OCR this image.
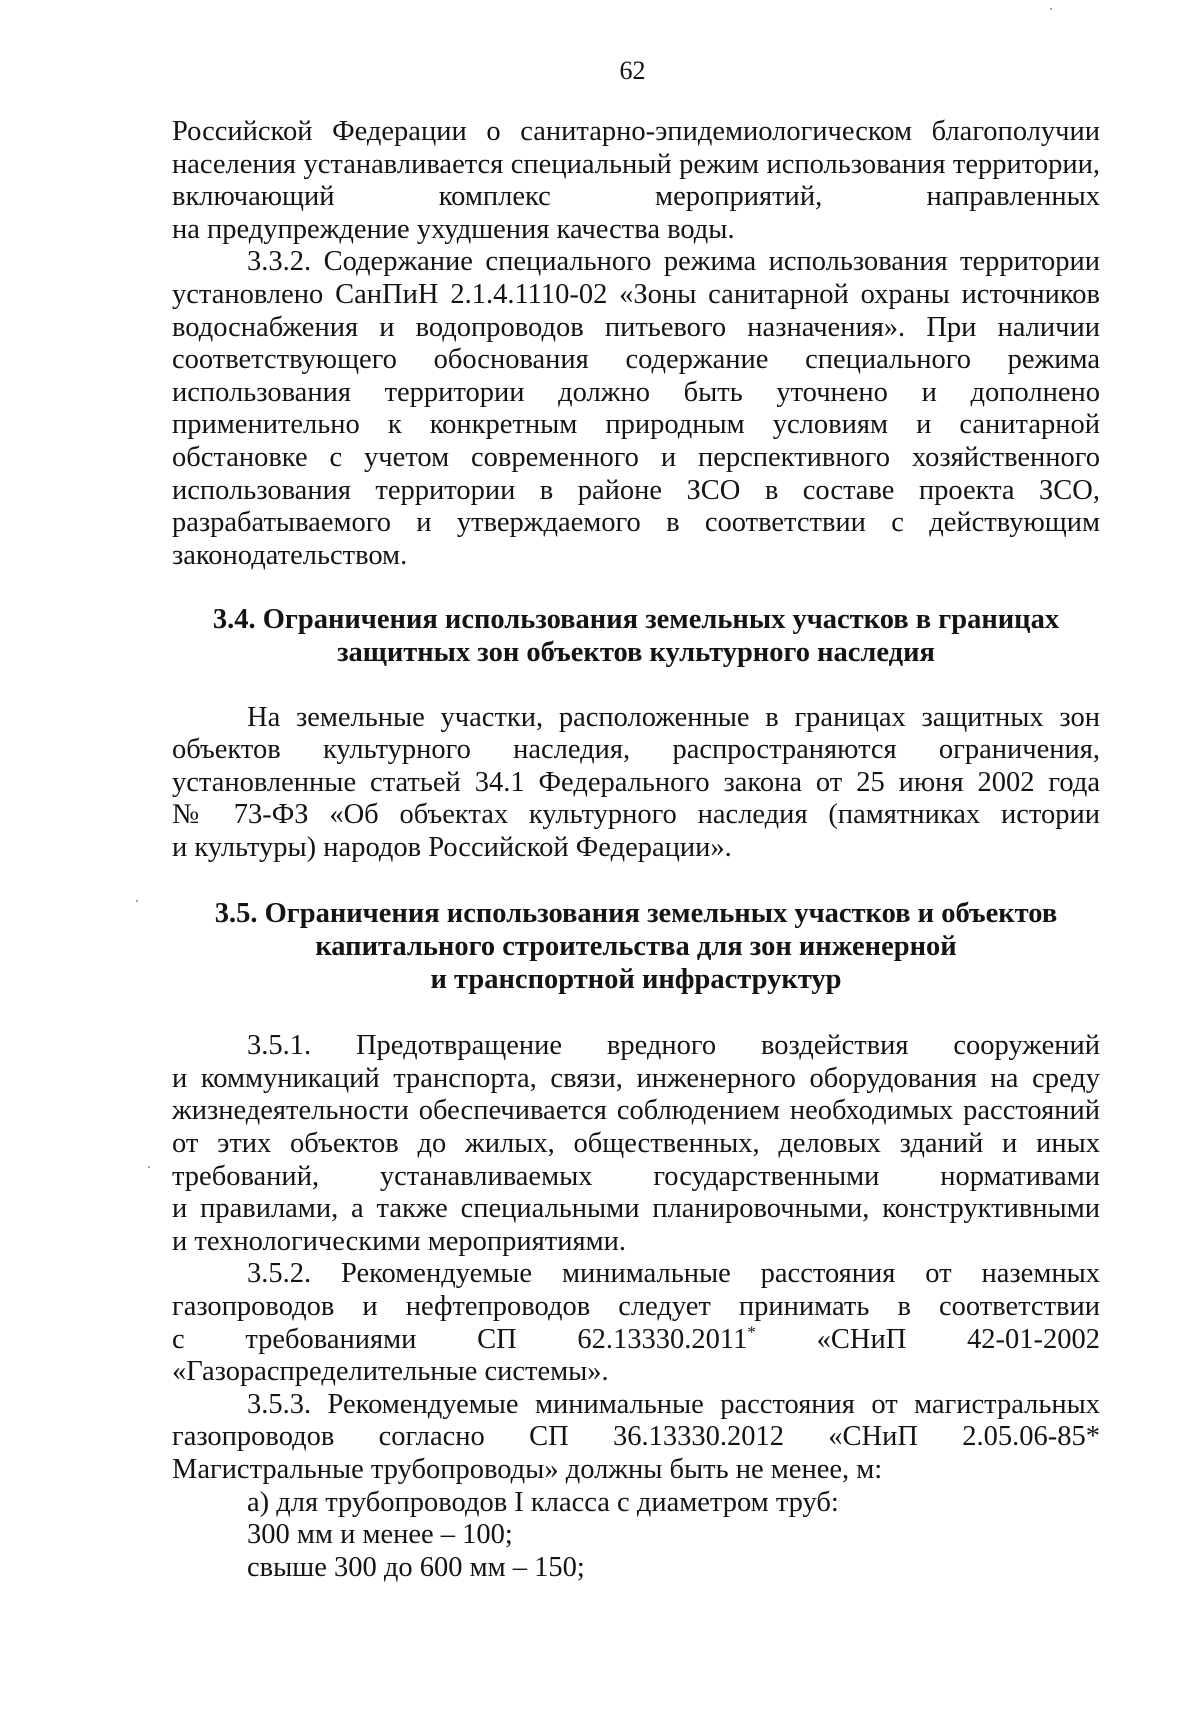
62
Российской Федерации о санитарно-эпидемиологическом благополучии
населения устанавливается специальный режим использования территории,
включающий комплекс мероприятий, направленных
на предупреждение ухудшения качества воды.
3.3.2. Содержание специального режима использования территории
установлено СанПиН 2.1.4.1110-02 «Зоны санитарной охраны источников
водоснабжения и водопроводов питьевого назначения». При наличии
соответствующего обоснования содержание специального режима
использования территории должно быть уточнено и дополнено
применительно к конкретным природным условиям и санитарной
обстановке с учетом современного и перспективного хозяйственного
использования территории в районе ЗСО в составе проекта ЗСО,
разрабатываемого и утверждаемого в соответствии с действующим
законодательством.
3.4. Ограничения использования земельных участков в границах
защитных зон объектов культурного наследия
На земельные участки, расположенные в границах защитных зон
объектов культурного наследия, распространяются ограничения,
установленные статьей 34.1 Федерального закона от 25 июня 2002 года
№ 73-ФЗ «Об объектах культурного наследия (памятниках истории
и культуры) народов Российской Федерации».
3.5. Ограничения использования земельных участков и объектов
капитального строительства для зон инженерной
и транспортной инфраструктур
3.5.1. Предотвращение вредного воздействия сооружений
и коммуникаций транспорта, связи, инженерного оборудования на среду
жизнедеятельности обеспечивается соблюдением необходимых расстояний
от этих объектов до жилых, общественных, деловых зданий и иных
требований, устанавливаемых государственными нормативами
и правилами, а также специальными планировочными, конструктивными
и технологическими мероприятиями.
3.5.2. Рекомендуемые минимальные расстояния от наземных
газопроводов и нефтепроводов следует принимать в соответствии
с требованиями СП 62.13330.2011* «СНиП 42-01-2002
«Газораспределительные системы».
3.5.3. Рекомендуемые минимальные расстояния от магистральных
газопроводов согласно СП 36.13330.2012 «СНиП 2.05.06-85*
Магистральные трубопроводы» должны быть не менее, м:
а) для трубопроводов I класса с диаметром труб:
300 мм и менее – 100;
свыше 300 до 600 мм – 150;
